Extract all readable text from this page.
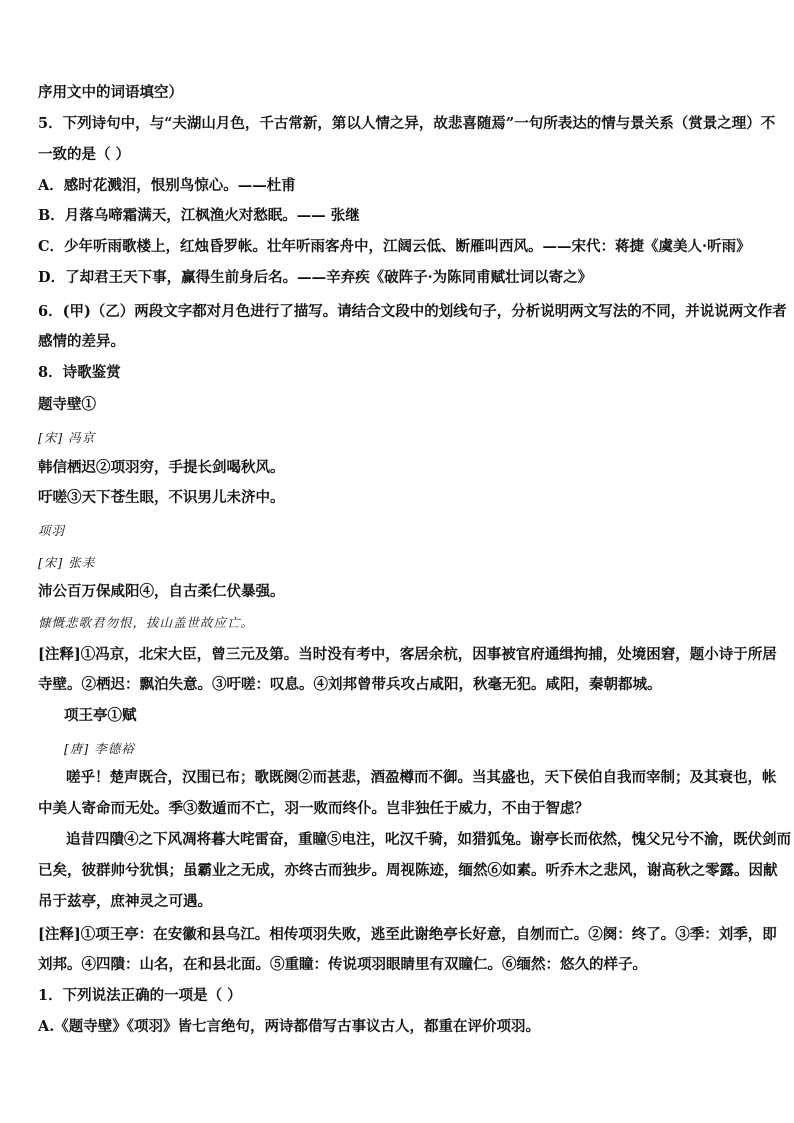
序用文中的词语填空）
5．下列诗句中，与“夫湖山月色，千古常新，第以人情之异，故悲喜随焉”一句所表达的情与景关系（赏景之理）不
一致的是（ ）
A．感时花溅泪，恨别鸟惊心。——杜甫
B．月落乌啼霜满天，江枫渔火对愁眠。—— 张继
C．少年听雨歌楼上，红烛昏罗帐。壮年听雨客舟中，江阔云低、断雁叫西风。——宋代：蒋捷《虞美人·听雨》
D．了却君王天下事，赢得生前身后名。——辛弃疾《破阵子·为陈同甫赋壮词以寄之》
6．(甲)（乙）两段文字都对月色进行了描写。请结合文段中的划线句子，分析说明两文写法的不同，并说说两文作者
感情的差异。
8．诗歌鉴赏
题寺壁①
[宋] 冯京
韩信栖迟②项羽穷，手提长剑喝秋风。
吁嗟③天下苍生眼，不识男儿未济中。
项羽
[宋] 张耒
沛公百万保咸阳④，自古柔仁伏暴强。
慷慨悲歌君勿恨，拔山盖世故应亡。
[注释]①冯京，北宋大臣，曾三元及第。当时没有考中，客居余杭，因事被官府通缉拘捕，处境困窘，题小诗于所居
寺壁。②栖迟：飘泊失意。③吁嗟：叹息。④刘邦曾带兵攻占咸阳，秋毫无犯。咸阳，秦朝都城。
项王亭①赋
[唐] 李德裕
嗟乎！楚声既合，汉围已布；歌既阕②而甚悲，酒盈樽而不御。当其盛也，天下侯伯自我而宰制；及其衰也，帐
中美人寄命而无处。季③数遁而不亡，羽一败而终仆。岂非独任于威力，不由于智虑？
追昔四隤④之下风凋将暮大咤雷奋，重瞳⑤电注，叱汉千骑，如猎狐兔。谢亭长而依然，愧父兄兮不渝，既伏剑而
已矣，彼群帅兮犹惧；虽霸业之无成，亦终古而独步。周视陈迹，缅然⑥如素。听乔木之悲风，谢高秋之零露。因献
吊于兹亭，庶神灵之可遇。
[注释]①项王亭：在安徽和县乌江。相传项羽失败，逃至此谢绝亭长好意，自刎而亡。②阕：终了。③季：刘季，即
刘邦。④四隤：山名，在和县北面。⑤重瞳：传说项羽眼睛里有双瞳仁。⑥缅然：悠久的样子。
1．下列说法正确的一项是（ ）
A.《题寺壁》《项羽》皆七言绝句，两诗都借写古事议古人，都重在评价项羽。
